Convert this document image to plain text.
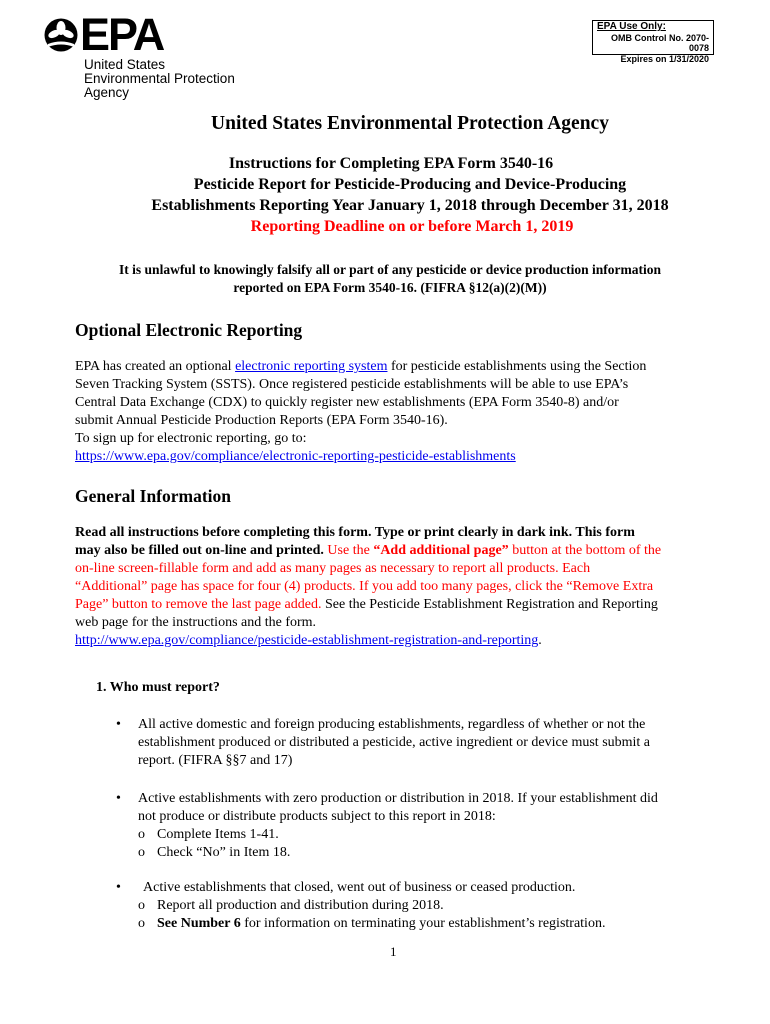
EPA
United States
Environmental Protection
Agency
EPA Use Only:
OMB Control No. 2070-0078
Expires on 1/31/2020
United States Environmental Protection Agency
Instructions for Completing EPA Form 3540-16
Pesticide Report for Pesticide-Producing and Device-Producing
Establishments Reporting Year January 1, 2018 through December 31, 2018
Reporting Deadline on or before March 1, 2019
It is unlawful to knowingly falsify all or part of any pesticide or device production information
reported on EPA Form 3540-16. (FIFRA §12(a)(2)(M))
Optional Electronic Reporting
EPA has created an optional electronic reporting system for pesticide establishments using the Section
Seven Tracking System (SSTS). Once registered pesticide establishments will be able to use EPA’s
Central Data Exchange (CDX) to quickly register new establishments (EPA Form 3540-8) and/or
submit Annual Pesticide Production Reports (EPA Form 3540-16).
To sign up for electronic reporting, go to:
https://www.epa.gov/compliance/electronic-reporting-pesticide-establishments
General Information
Read all instructions before completing this form. Type or print clearly in dark ink. This form
may also be filled out on-line and printed. Use the “Add additional page” button at the bottom of the
on-line screen-fillable form and add as many pages as necessary to report all products. Each
“Additional” page has space for four (4) products. If you add too many pages, click the “Remove Extra
Page” button to remove the last page added. See the Pesticide Establishment Registration and Reporting
web page for the instructions and the form.
http://www.epa.gov/compliance/pesticide-establishment-registration-and-reporting.
1. Who must report?
• All active domestic and foreign producing establishments, regardless of whether or not the
establishment produced or distributed a pesticide, active ingredient or device must submit a
report. (FIFRA §§7 and 17)
• Active establishments with zero production or distribution in 2018. If your establishment did
not produce or distribute products subject to this report in 2018:
o Complete Items 1-41.
o Check “No” in Item 18.
• Active establishments that closed, went out of business or ceased production.
o Report all production and distribution during 2018.
o See Number 6 for information on terminating your establishment’s registration.
1
